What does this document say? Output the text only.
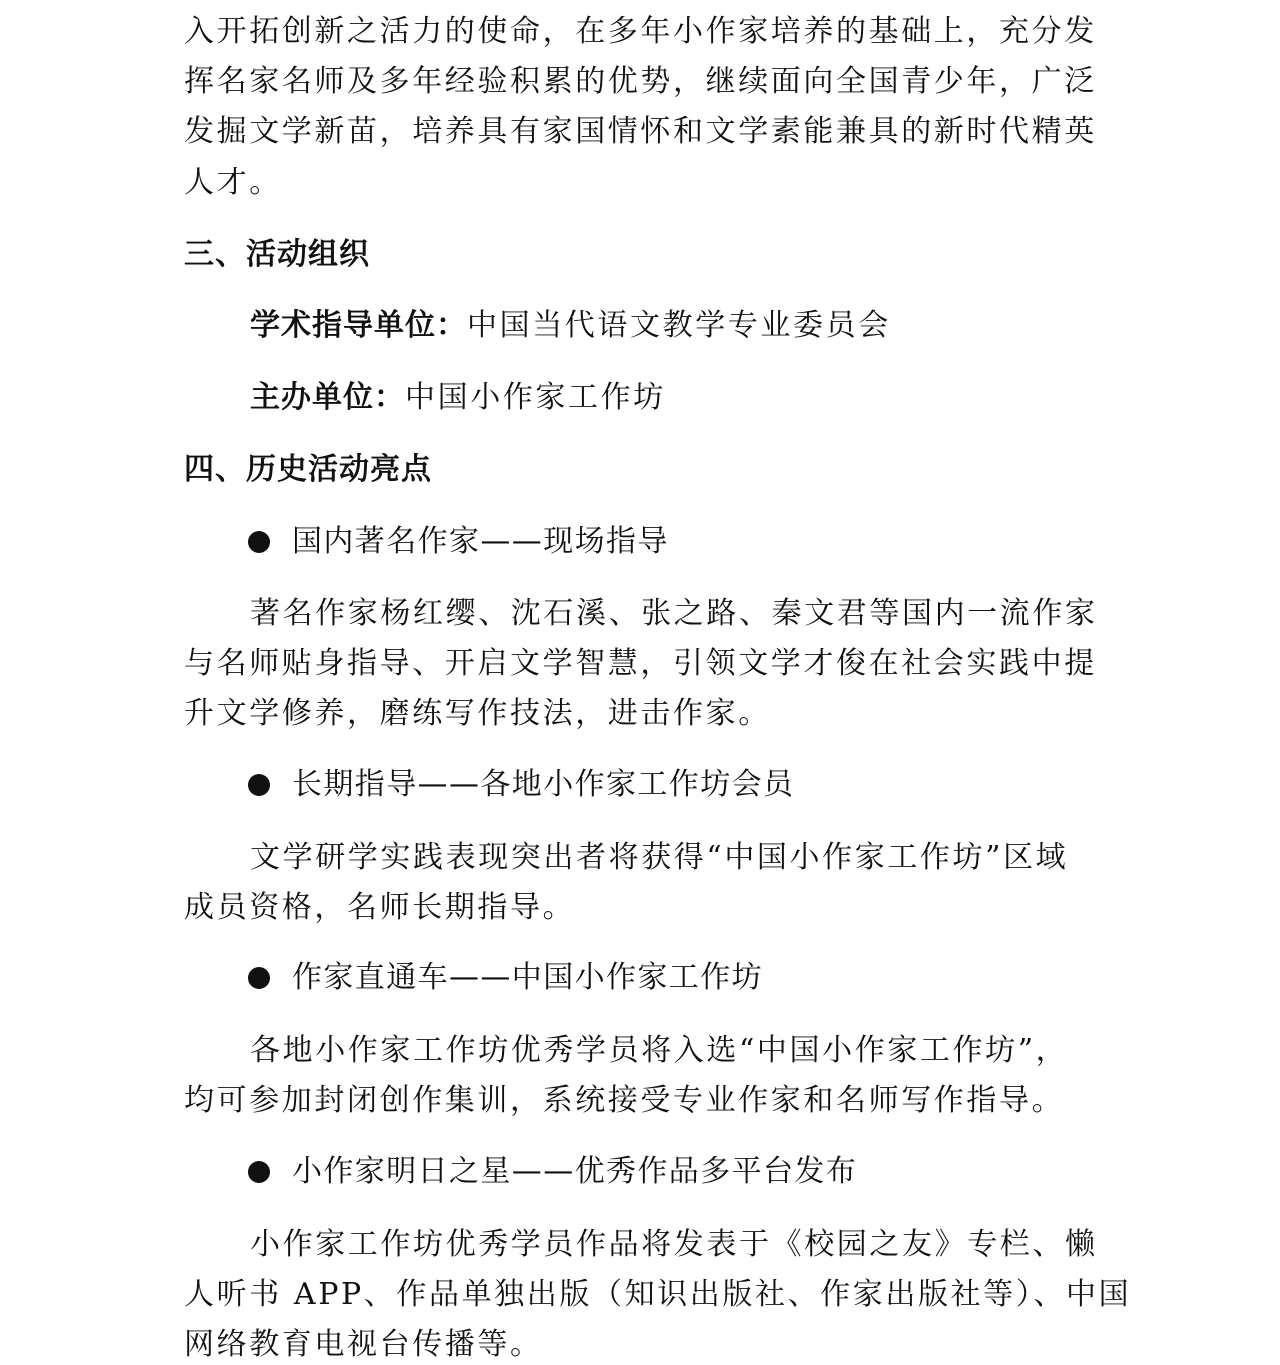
入开拓创新之活力的使命，在多年小作家培养的基础上，充分发
挥名家名师及多年经验积累的优势，继续面向全国青少年，广泛
发掘文学新苗，培养具有家国情怀和文学素能兼具的新时代精英
人才。
三、活动组织
学术指导单位：中国当代语文教学专业委员会
主办单位：中国小作家工作坊
四、历史活动亮点
国内著名作家——现场指导
著名作家杨红缨、沈石溪、张之路、秦文君等国内一流作家
与名师贴身指导、开启文学智慧，引领文学才俊在社会实践中提
升文学修养，磨练写作技法，进击作家。
长期指导——各地小作家工作坊会员
文学研学实践表现突出者将获得“中国小作家工作坊”区域
成员资格，名师长期指导。
作家直通车——中国小作家工作坊
各地小作家工作坊优秀学员将入选“中国小作家工作坊”，
均可参加封闭创作集训，系统接受专业作家和名师写作指导。
小作家明日之星——优秀作品多平台发布
小作家工作坊优秀学员作品将发表于《校园之友》专栏、懒
人听书 APP、作品单独出版（知识出版社、作家出版社等）、中国
网络教育电视台传播等。
